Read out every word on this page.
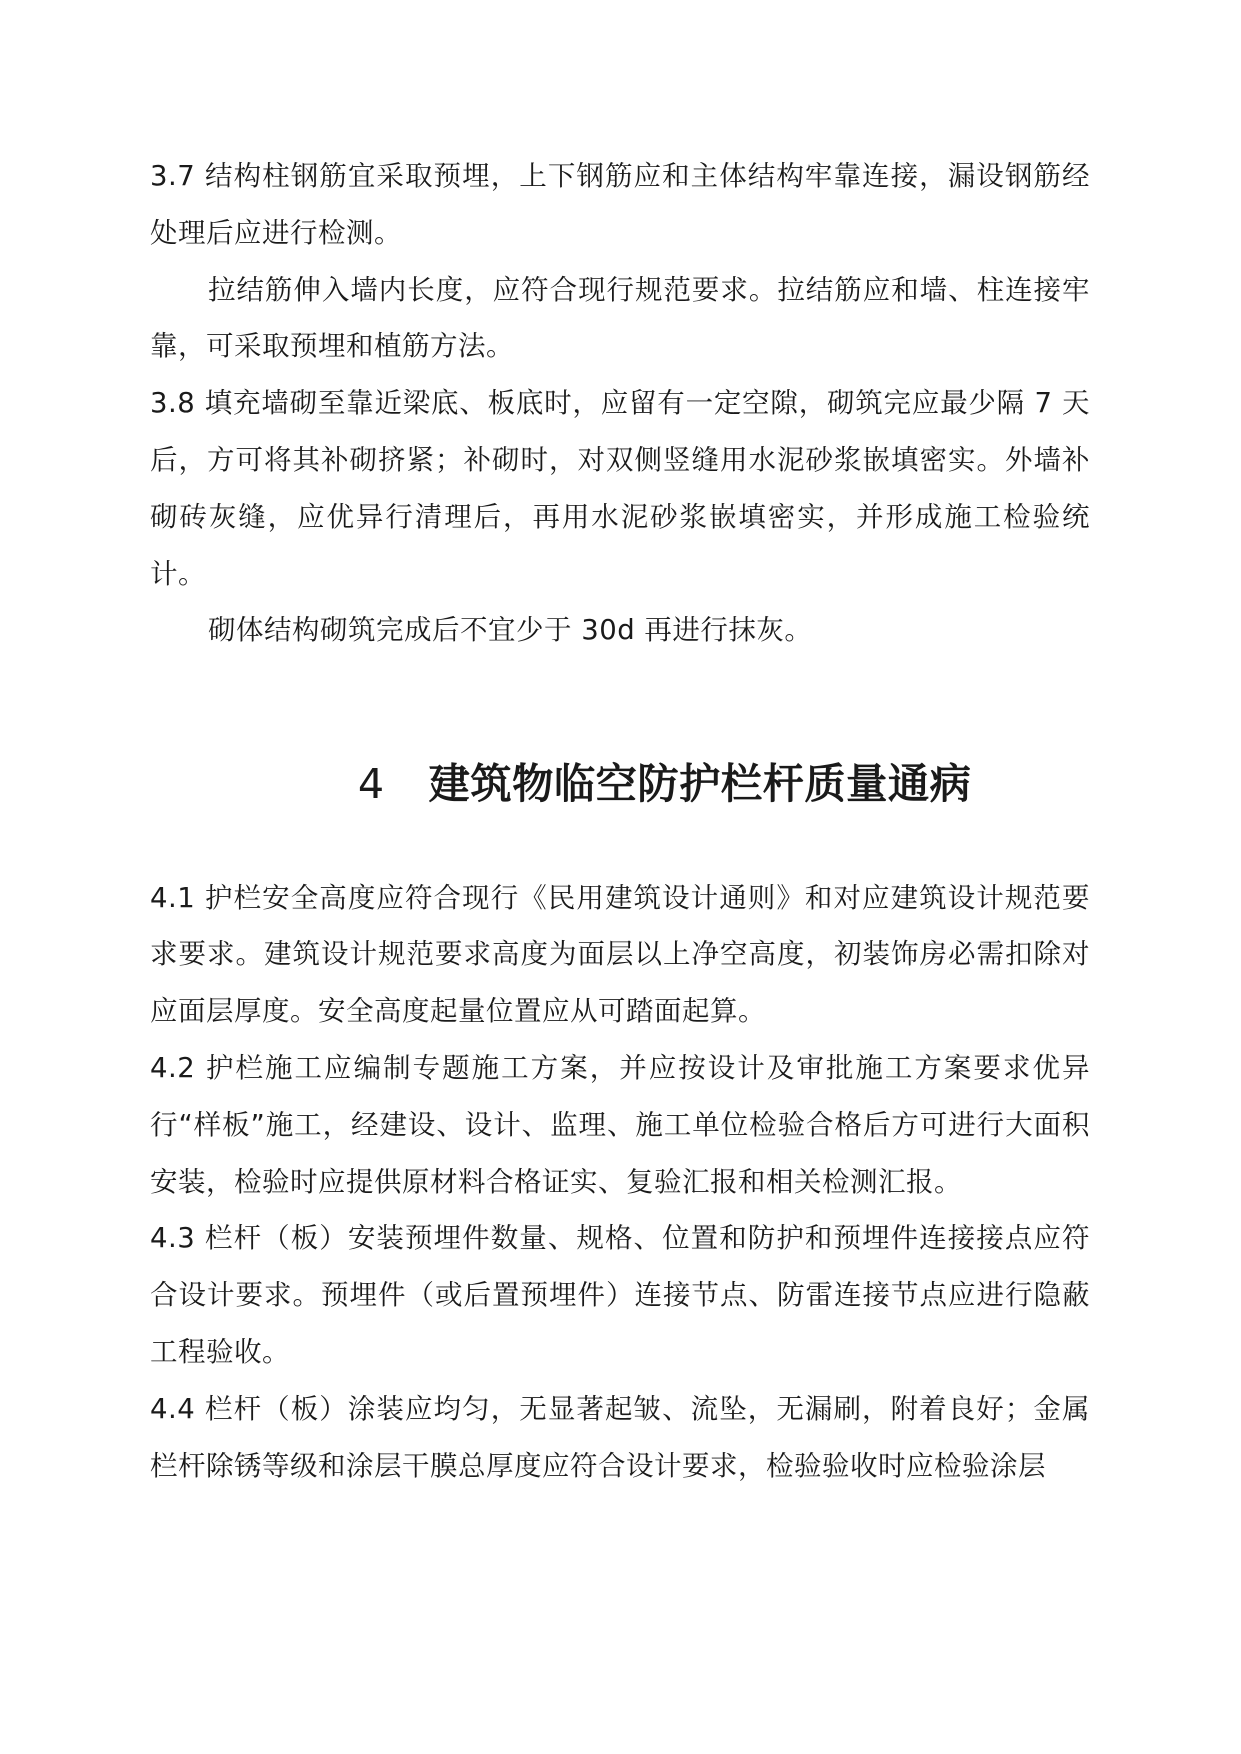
3.7 结构柱钢筋宜采取预埋，上下钢筋应和主体结构牢靠连接，漏设钢筋经处理后应进行检测。

拉结筋伸入墙内长度，应符合现行规范要求。拉结筋应和墙、柱连接牢靠，可采取预埋和植筋方法。

3.8 填充墙砌至靠近梁底、板底时，应留有一定空隙，砌筑完应最少隔 7 天后，方可将其补砌挤紧；补砌时，对双侧竖缝用水泥砂浆嵌填密实。外墙补砌砖灰缝，应优异行清理后，再用水泥砂浆嵌填密实，并形成施工检验统计。

砌体结构砌筑完成后不宜少于 30d 再进行抹灰。

4 建筑物临空防护栏杆质量通病

4.1 护栏安全高度应符合现行《民用建筑设计通则》和对应建筑设计规范要求要求。建筑设计规范要求高度为面层以上净空高度，初装饰房必需扣除对应面层厚度。安全高度起量位置应从可踏面起算。

4.2 护栏施工应编制专题施工方案，并应按设计及审批施工方案要求优异行“样板”施工，经建设、设计、监理、施工单位检验合格后方可进行大面积安装，检验时应提供原材料合格证实、复验汇报和相关检测汇报。

4.3 栏杆（板）安装预埋件数量、规格、位置和防护和预埋件连接接点应符合设计要求。预埋件（或后置预埋件）连接节点、防雷连接节点应进行隐蔽工程验收。

4.4 栏杆（板）涂装应均匀，无显著起皱、流坠，无漏刷，附着良好；金属栏杆除锈等级和涂层干膜总厚度应符合设计要求，检验验收时应检验涂层
